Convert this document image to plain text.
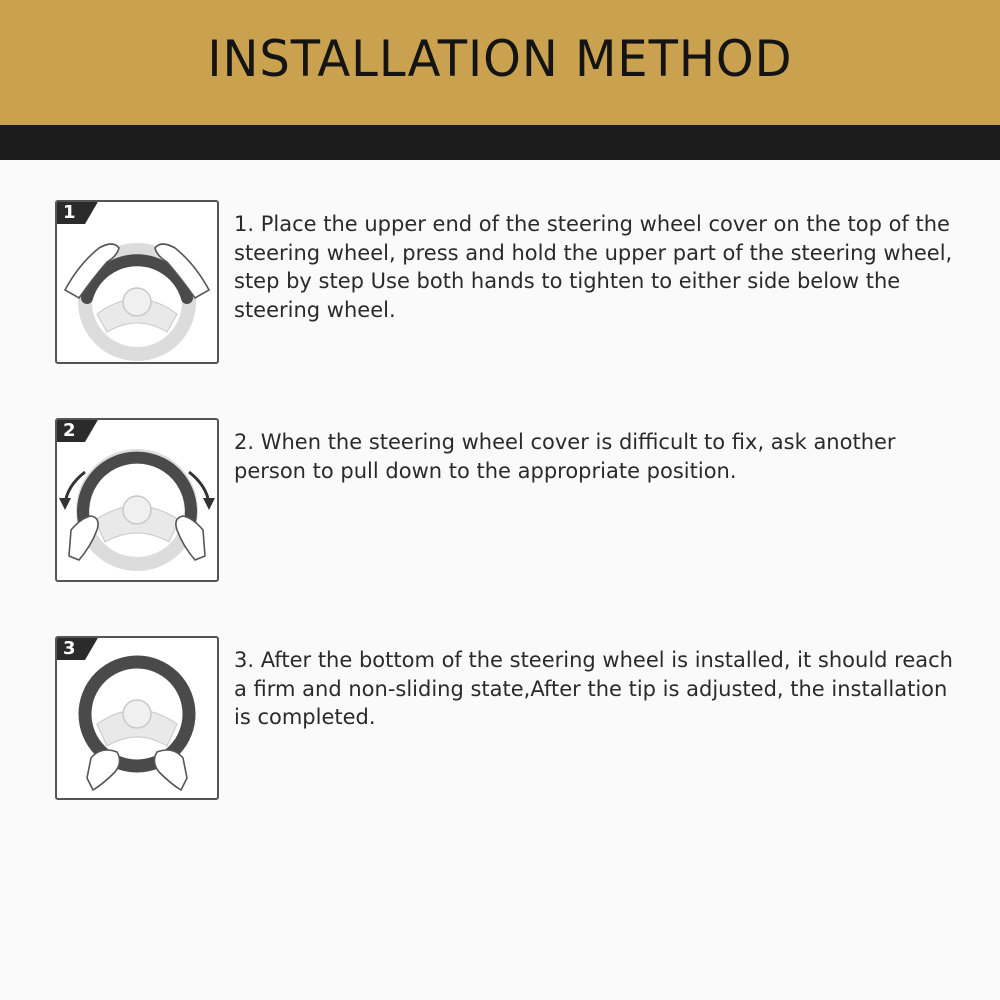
INSTALLATION METHOD
1	1. Place the upper end of the steering wheel cover on the top of the steering wheel, press and hold the upper part of the steering wheel, step by step Use both hands to tighten to either side below the steering wheel.

2	2. When the steering wheel cover is difficult to fix, ask another person to pull down to the appropriate position.

3	3. After the bottom of the steering wheel is installed, it should reach a firm and non-sliding state,After the tip is adjusted, the installation is completed.
